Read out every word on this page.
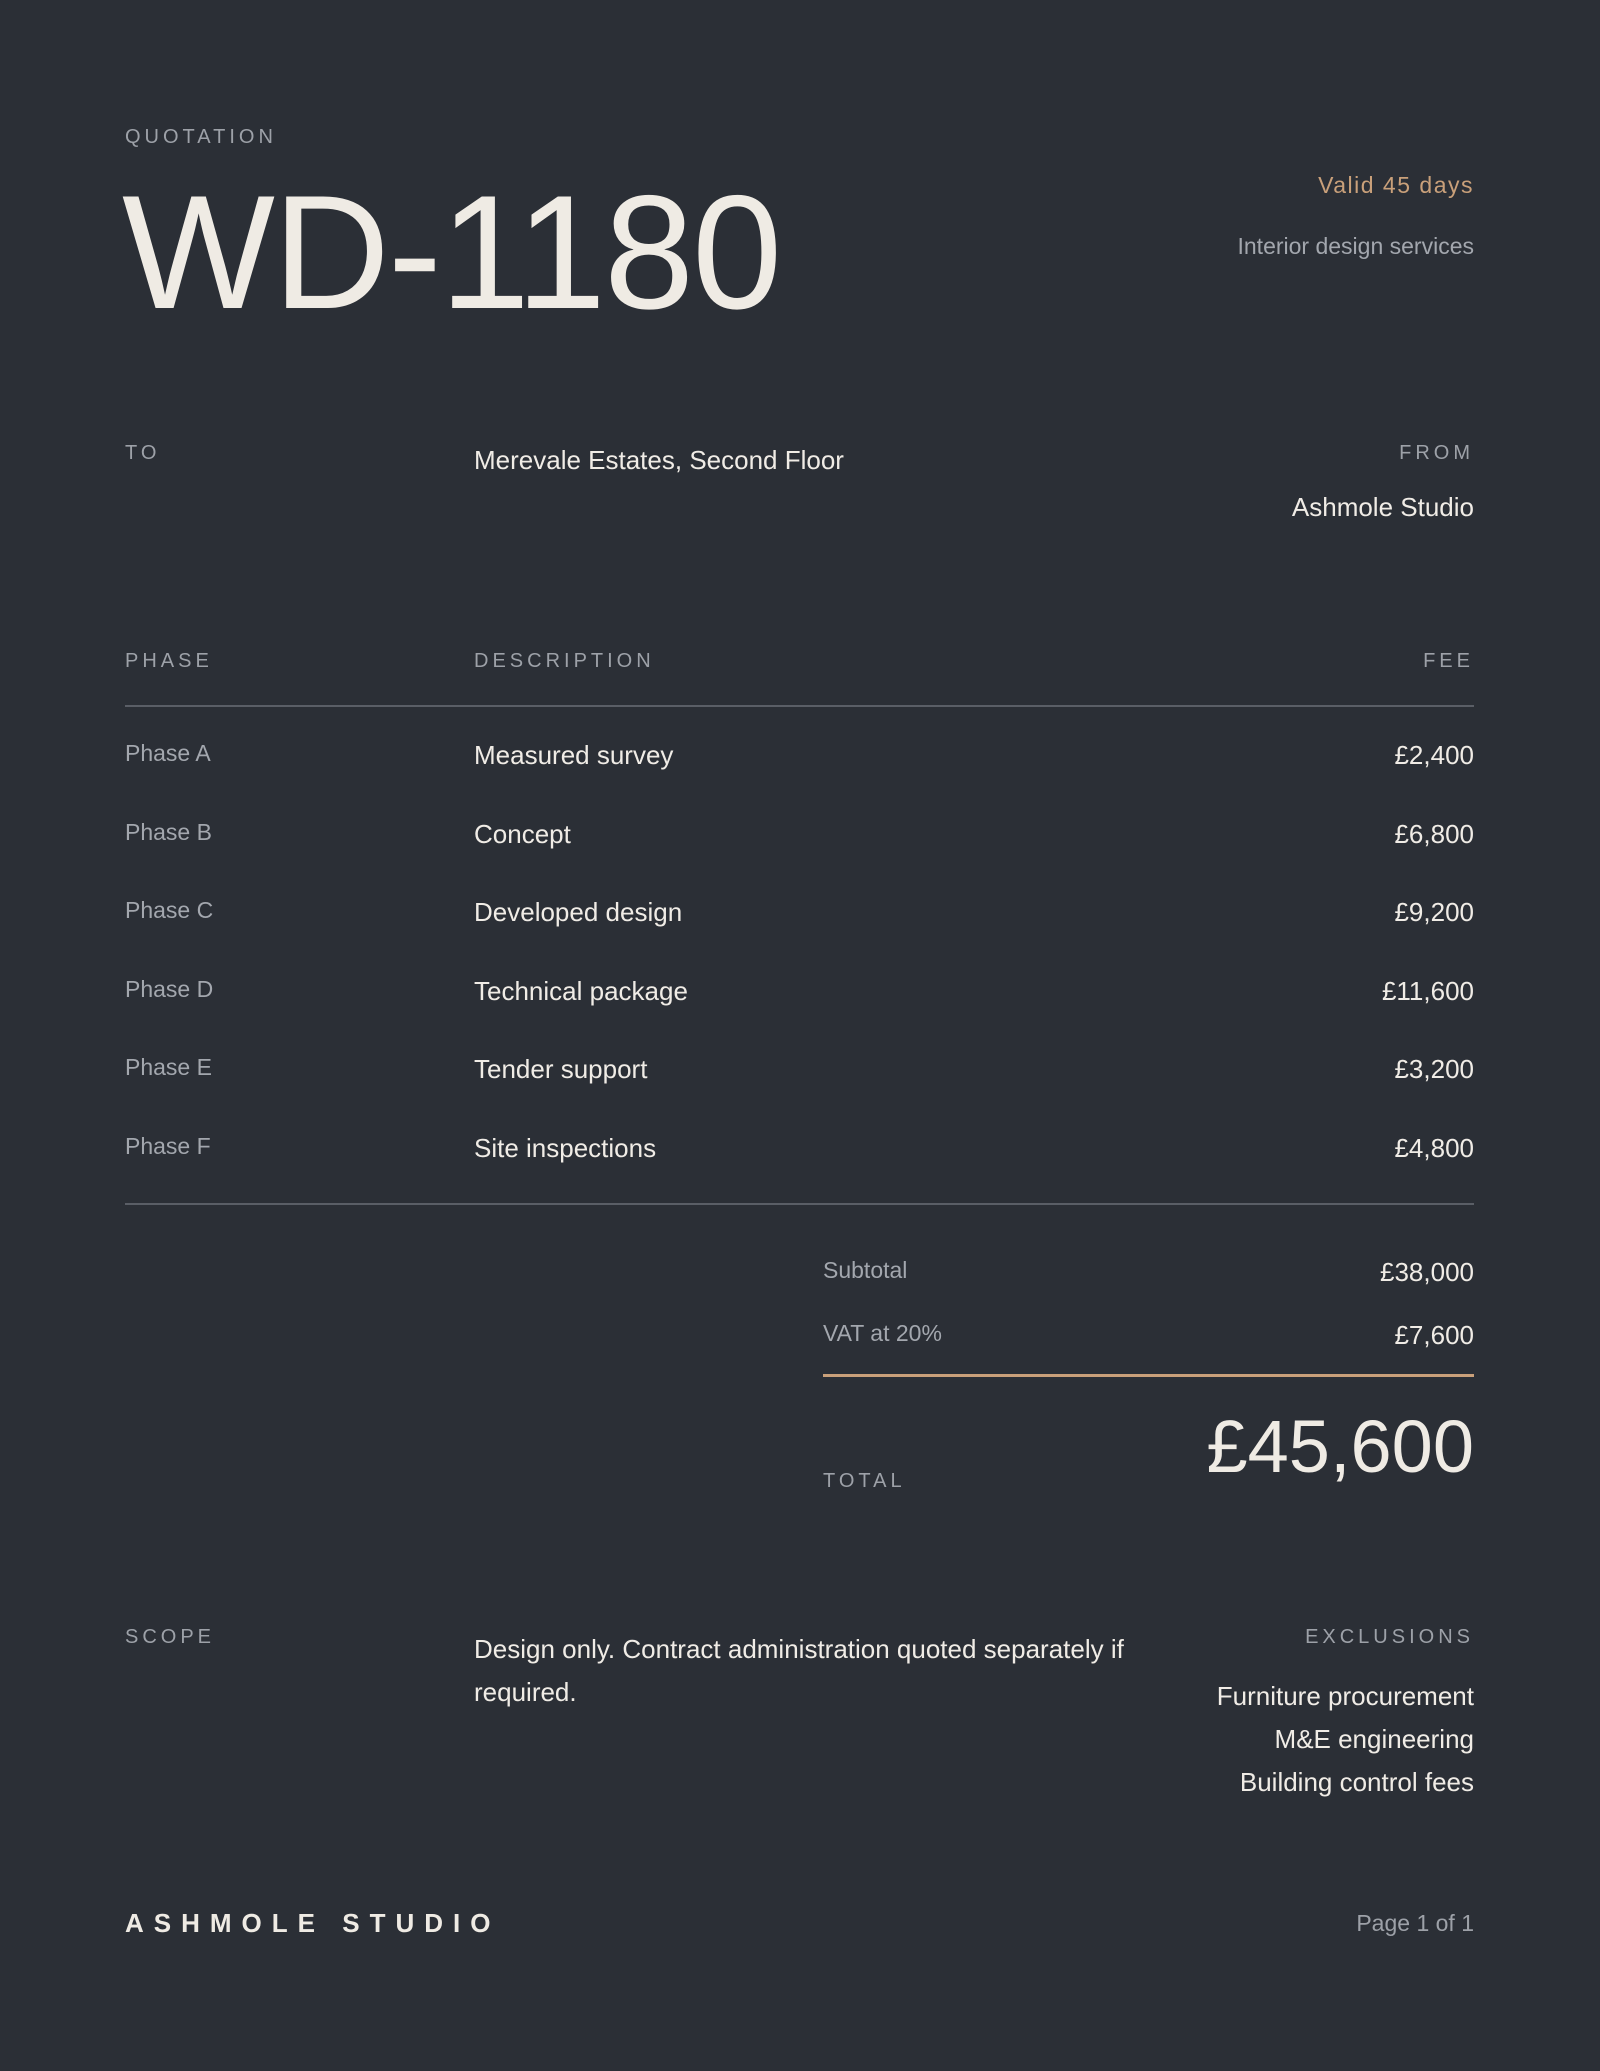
QUOTATION
WD-1180	Valid 45 days
Interior design services
TO	Merevale Estates, Second Floor	FROM
Ashmole Studio
PHASE	DESCRIPTION	FEE
Phase A	Measured survey	£2,400
Phase B	Concept	£6,800
Phase C	Developed design	£9,200
Phase D	Technical package	£11,600
Phase E	Tender support	£3,200
Phase F	Site inspections	£4,800
Subtotal	£38,000
VAT at 20%	£7,600
TOTAL	£45,600
SCOPE	Design only. Contract administration quoted separately if required.
EXCLUSIONS
Furniture procurement
M&E engineering
Building control fees
ASHMOLE STUDIO	Page 1 of 1
